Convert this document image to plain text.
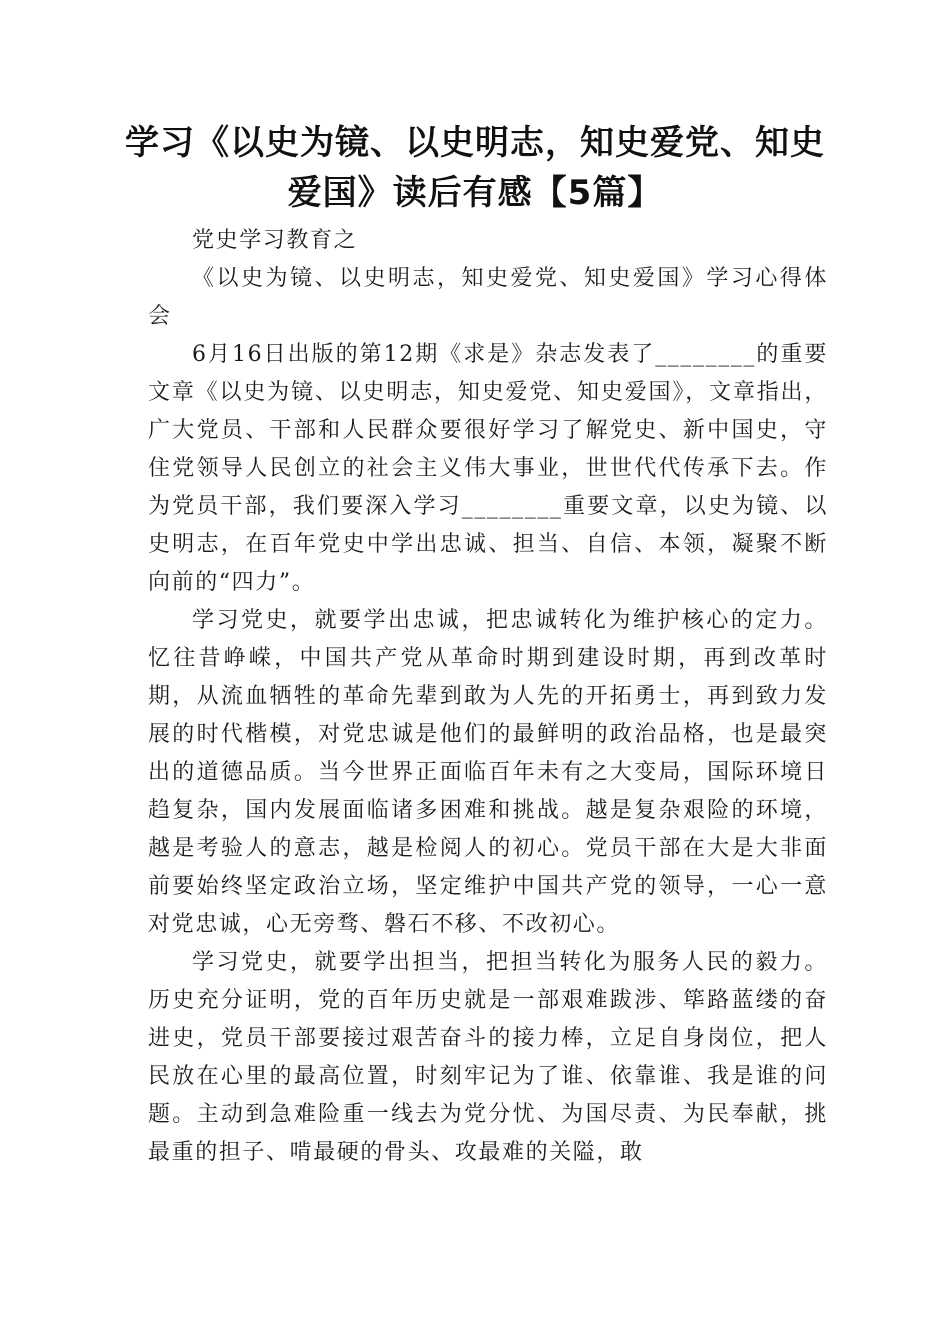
学习《以史为镜、以史明志，知史爱党、知史爱国》读后有感【5篇】

党史学习教育之

《以史为镜、以史明志，知史爱党、知史爱国》学习心得体会

6月16日出版的第12期《求是》杂志发表了________的重要文章《以史为镜、以史明志，知史爱党、知史爱国》，文章指出，广大党员、干部和人民群众要很好学习了解党史、新中国史，守住党领导人民创立的社会主义伟大事业，世世代代传承下去。作为党员干部，我们要深入学习________重要文章，以史为镜、以史明志，在百年党史中学出忠诚、担当、自信、本领，凝聚不断向前的“四力”。

学习党史，就要学出忠诚，把忠诚转化为维护核心的定力。忆往昔峥嵘，中国共产党从革命时期到建设时期，再到改革时期，从流血牺牲的革命先辈到敢为人先的开拓勇士，再到致力发展的时代楷模，对党忠诚是他们的最鲜明的政治品格，也是最突出的道德品质。当今世界正面临百年未有之大变局，国际环境日趋复杂，国内发展面临诸多困难和挑战。越是复杂艰险的环境，越是考验人的意志，越是检阅人的初心。党员干部在大是大非面前要始终坚定政治立场，坚定维护中国共产党的领导，一心一意对党忠诚，心无旁骛、磐石不移、不改初心。

学习党史，就要学出担当，把担当转化为服务人民的毅力。历史充分证明，党的百年历史就是一部艰难跋涉、筚路蓝缕的奋进史，党员干部要接过艰苦奋斗的接力棒，立足自身岗位，把人民放在心里的最高位置，时刻牢记为了谁、依靠谁、我是谁的问题。主动到急难险重一线去为党分忧、为国尽责、为民奉献，挑最重的担子、啃最硬的骨头、攻最难的关隘，敢
